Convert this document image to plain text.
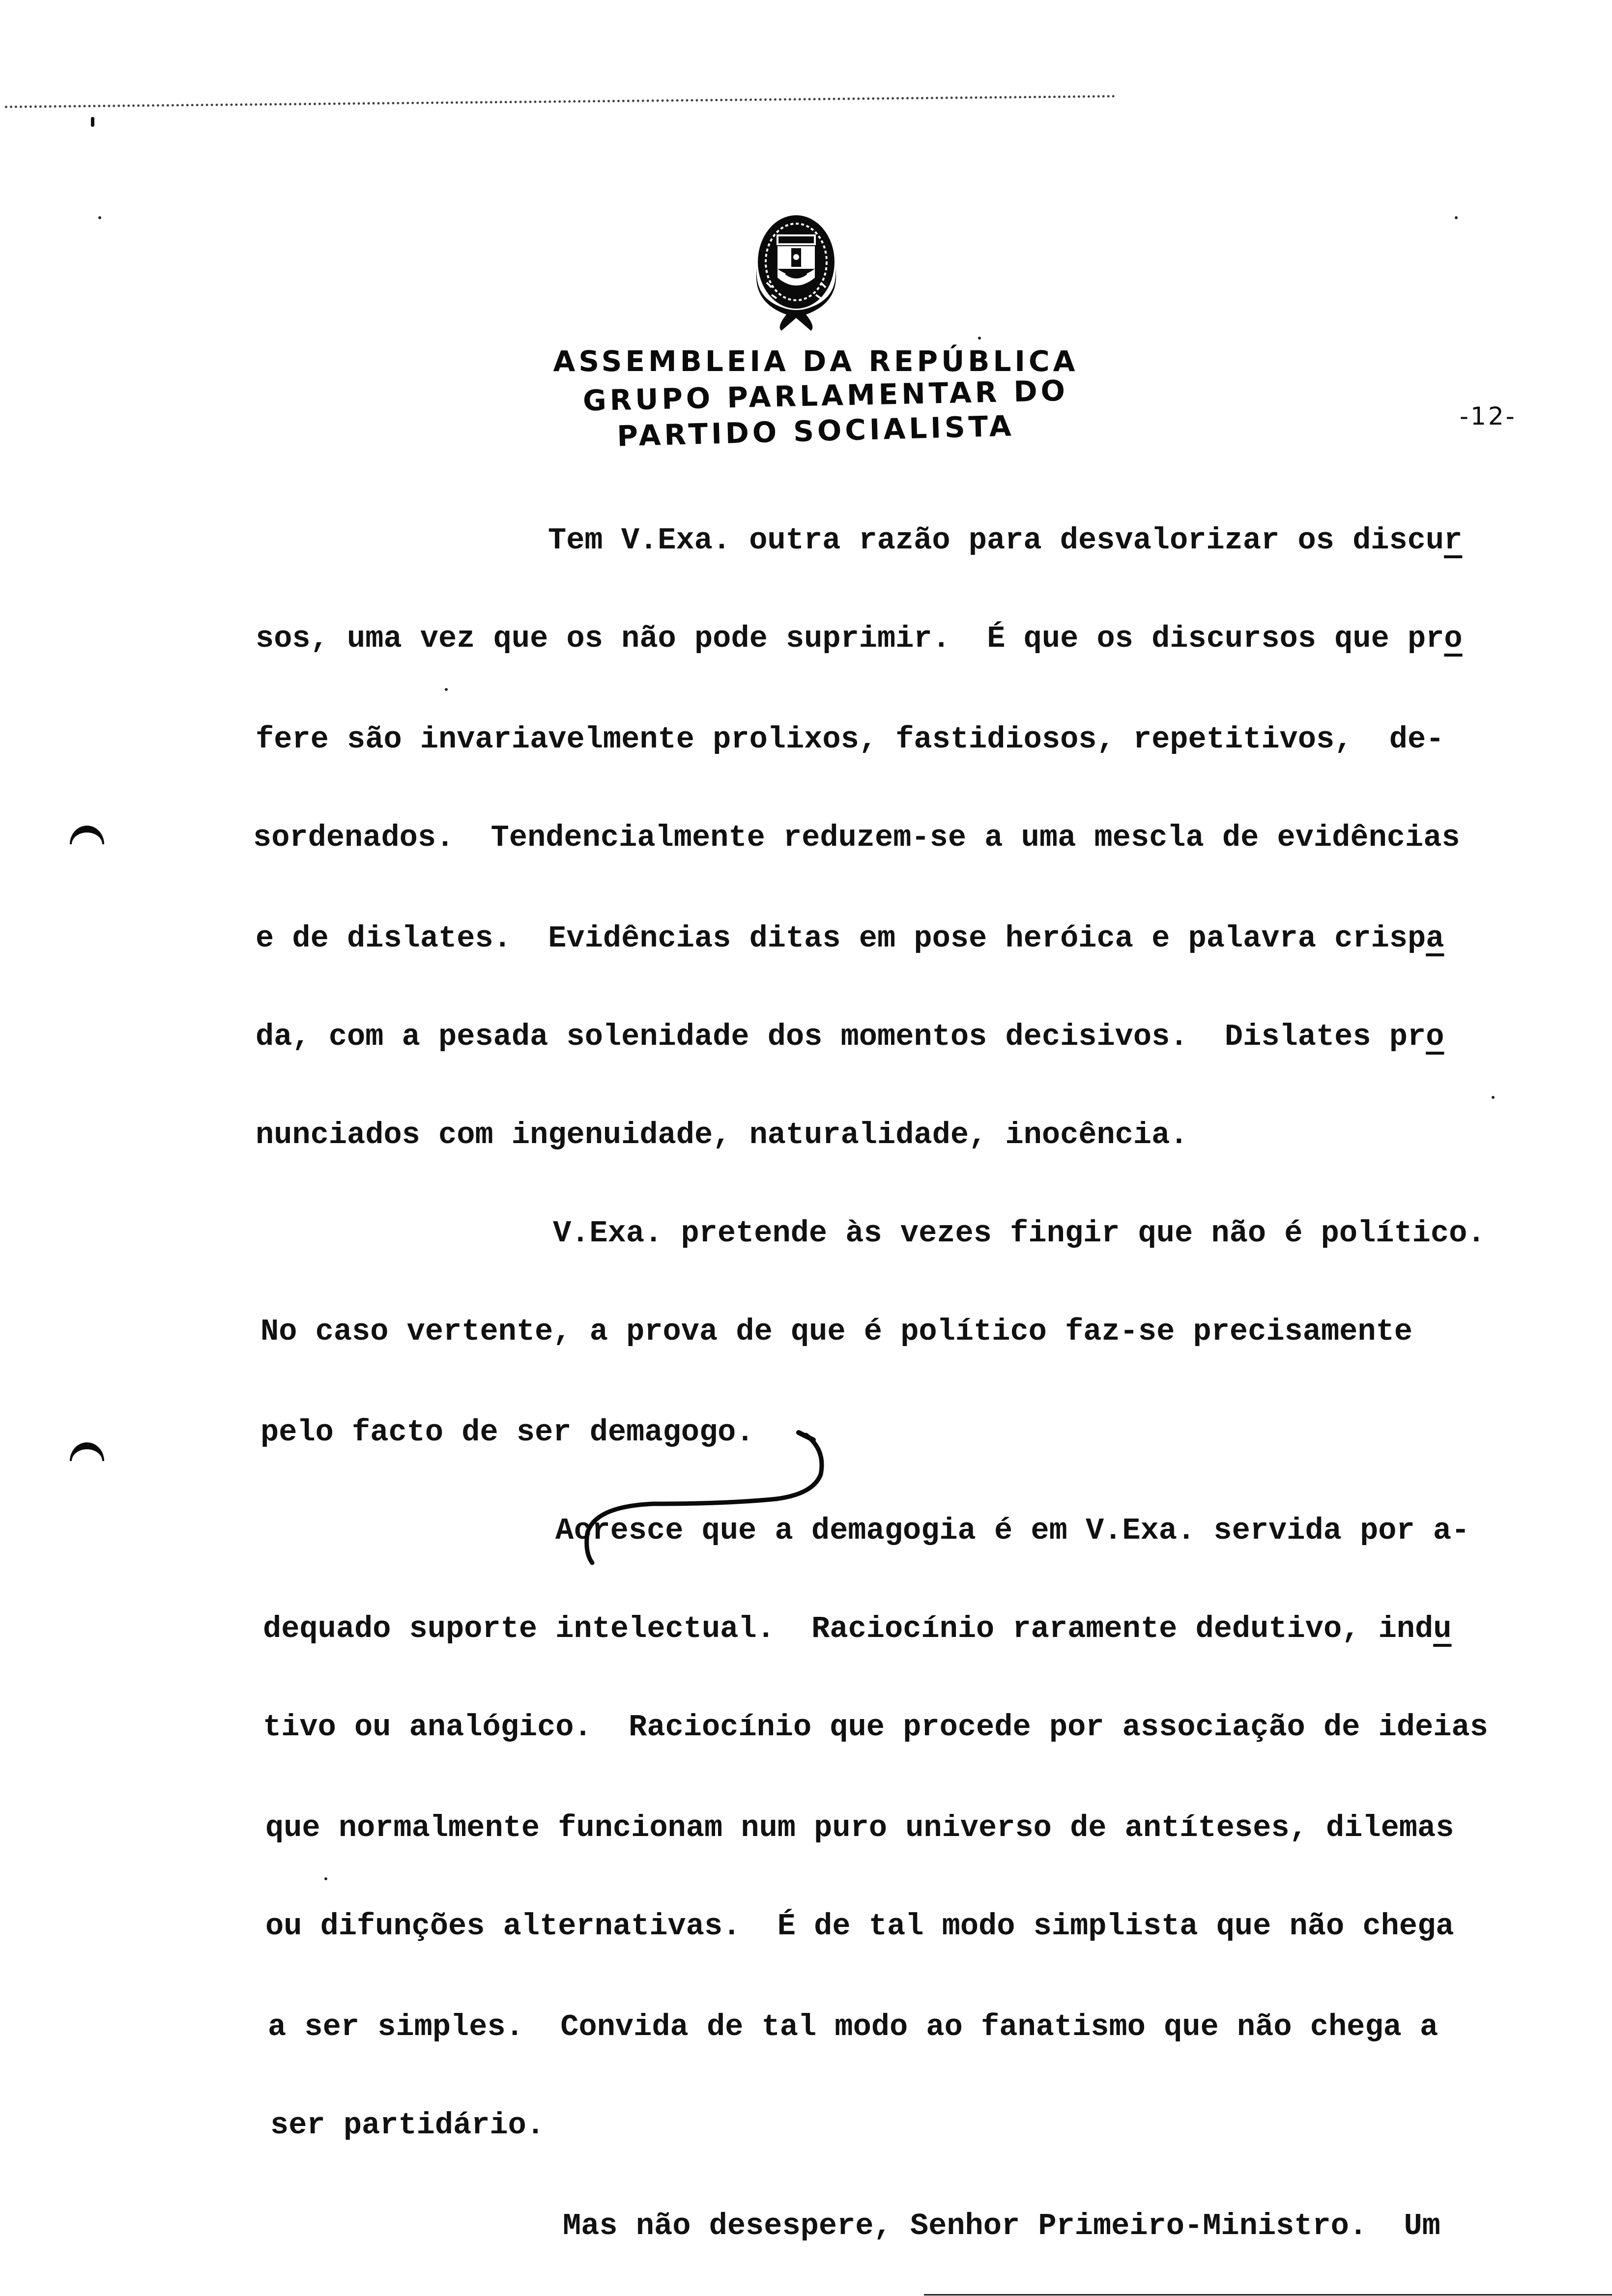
ASSEMBLEIA DA REPÚBLICA
GRUPO PARLAMENTAR DO
PARTIDO SOCIALISTA	-12-
Tem V.Exa. outra razão para desvalorizar os discur
sos, uma vez que os não pode suprimir.  É que os discursos que pro
fere são invariavelmente prolixos, fastidiosos, repetitivos,  de-
sordenados.  Tendencialmente reduzem-se a uma mescla de evidências
e de dislates.  Evidências ditas em pose heróica e palavra crispa
da, com a pesada solenidade dos momentos decisivos.  Dislates pro
nunciados com ingenuidade, naturalidade, inocência.
V.Exa. pretende às vezes fingir que não é político.
No caso vertente, a prova de que é político faz-se precisamente
pelo facto de ser demagogo.
Acresce que a demagogia é em V.Exa. servida por a-
dequado suporte intelectual.  Raciocínio raramente dedutivo, indu
tivo ou analógico.  Raciocínio que procede por associação de ideias
que normalmente funcionam num puro universo de antíteses, dilemas
ou difunções alternativas.  É de tal modo simplista que não chega
a ser simples.  Convida de tal modo ao fanatismo que não chega a
ser partidário.
Mas não desespere, Senhor Primeiro-Ministro.  Um
